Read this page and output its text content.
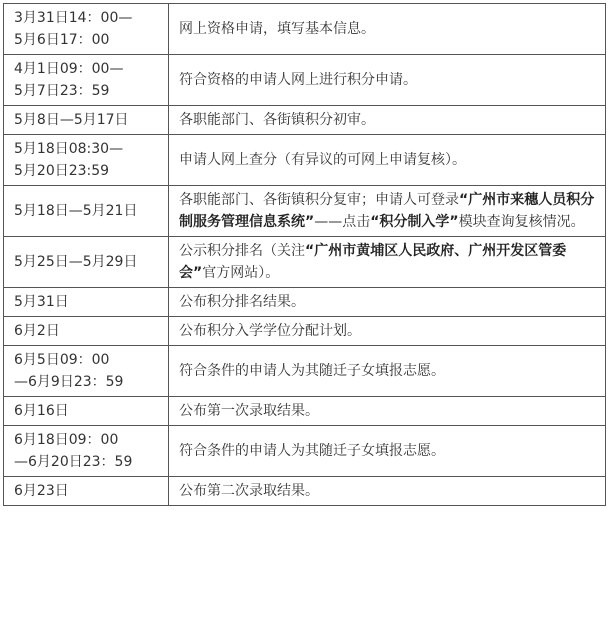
3月31日14：00—
5月6日17：00	网上资格申请，填写基本信息。

4月1日09：00—
5月7日23：59	符合资格的申请人网上进行积分申请。

5月8日—5月17日	各职能部门、各街镇积分初审。

5月18日08:30—
5月20日23:59	申请人网上查分（有异议的可网上申请复核）。

5月18日—5月21日	各职能部门、各街镇积分复审；申请人可登录“广州市来穗人员积分制服务管理信息系统”——点击“积分制入学”模块查询复核情况。

5月25日—5月29日	公示积分排名（关注“广州市黄埔区人民政府、广州开发区管委会”官方网站）。

5月31日	公布积分排名结果。

6月2日	公布积分入学学位分配计划。

6月5日09：00
—6月9日23：59	符合条件的申请人为其随迁子女填报志愿。

6月16日	公布第一次录取结果。

6月18日09：00
—6月20日23：59	符合条件的申请人为其随迁子女填报志愿。

6月23日	公布第二次录取结果。
